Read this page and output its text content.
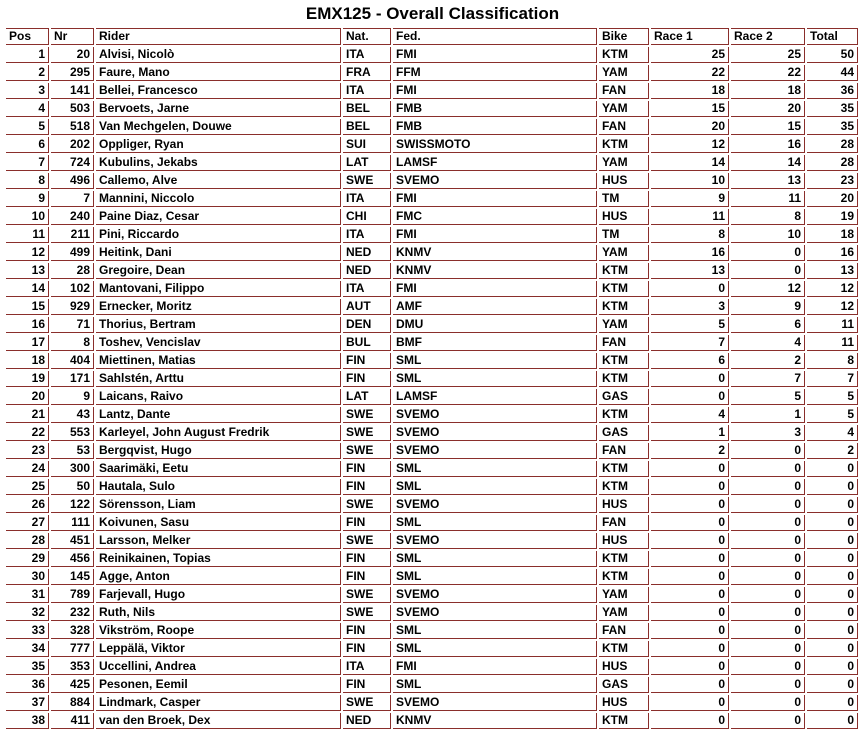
EMX125 - Overall Classification
Pos	Nr	Rider	Nat.	Fed.	Bike	Race 1	Race 2	Total
1	20	Alvisi, Nicolò	ITA	FMI	KTM	25	25	50
2	295	Faure, Mano	FRA	FFM	YAM	22	22	44
3	141	Bellei, Francesco	ITA	FMI	FAN	18	18	36
4	503	Bervoets, Jarne	BEL	FMB	YAM	15	20	35
5	518	Van Mechgelen, Douwe	BEL	FMB	FAN	20	15	35
6	202	Oppliger, Ryan	SUI	SWISSMOTO	KTM	12	16	28
7	724	Kubulins, Jekabs	LAT	LAMSF	YAM	14	14	28
8	496	Callemo, Alve	SWE	SVEMO	HUS	10	13	23
9	7	Mannini, Niccolo	ITA	FMI	TM	9	11	20
10	240	Paine Diaz, Cesar	CHI	FMC	HUS	11	8	19
11	211	Pini, Riccardo	ITA	FMI	TM	8	10	18
12	499	Heitink, Dani	NED	KNMV	YAM	16	0	16
13	28	Gregoire, Dean	NED	KNMV	KTM	13	0	13
14	102	Mantovani, Filippo	ITA	FMI	KTM	0	12	12
15	929	Ernecker, Moritz	AUT	AMF	KTM	3	9	12
16	71	Thorius, Bertram	DEN	DMU	YAM	5	6	11
17	8	Toshev, Vencislav	BUL	BMF	FAN	7	4	11
18	404	Miettinen, Matias	FIN	SML	KTM	6	2	8
19	171	Sahlstén, Arttu	FIN	SML	KTM	0	7	7
20	9	Laicans, Raivo	LAT	LAMSF	GAS	0	5	5
21	43	Lantz, Dante	SWE	SVEMO	KTM	4	1	5
22	553	Karleyel, John August Fredrik	SWE	SVEMO	GAS	1	3	4
23	53	Bergqvist, Hugo	SWE	SVEMO	FAN	2	0	2
24	300	Saarimäki, Eetu	FIN	SML	KTM	0	0	0
25	50	Hautala, Sulo	FIN	SML	KTM	0	0	0
26	122	Sörensson, Liam	SWE	SVEMO	HUS	0	0	0
27	111	Koivunen, Sasu	FIN	SML	FAN	0	0	0
28	451	Larsson, Melker	SWE	SVEMO	HUS	0	0	0
29	456	Reinikainen, Topias	FIN	SML	KTM	0	0	0
30	145	Agge, Anton	FIN	SML	KTM	0	0	0
31	789	Farjevall, Hugo	SWE	SVEMO	YAM	0	0	0
32	232	Ruth, Nils	SWE	SVEMO	YAM	0	0	0
33	328	Vikström, Roope	FIN	SML	FAN	0	0	0
34	777	Leppälä, Viktor	FIN	SML	KTM	0	0	0
35	353	Uccellini, Andrea	ITA	FMI	HUS	0	0	0
36	425	Pesonen, Eemil	FIN	SML	GAS	0	0	0
37	884	Lindmark, Casper	SWE	SVEMO	HUS	0	0	0
38	411	van den Broek, Dex	NED	KNMV	KTM	0	0	0
